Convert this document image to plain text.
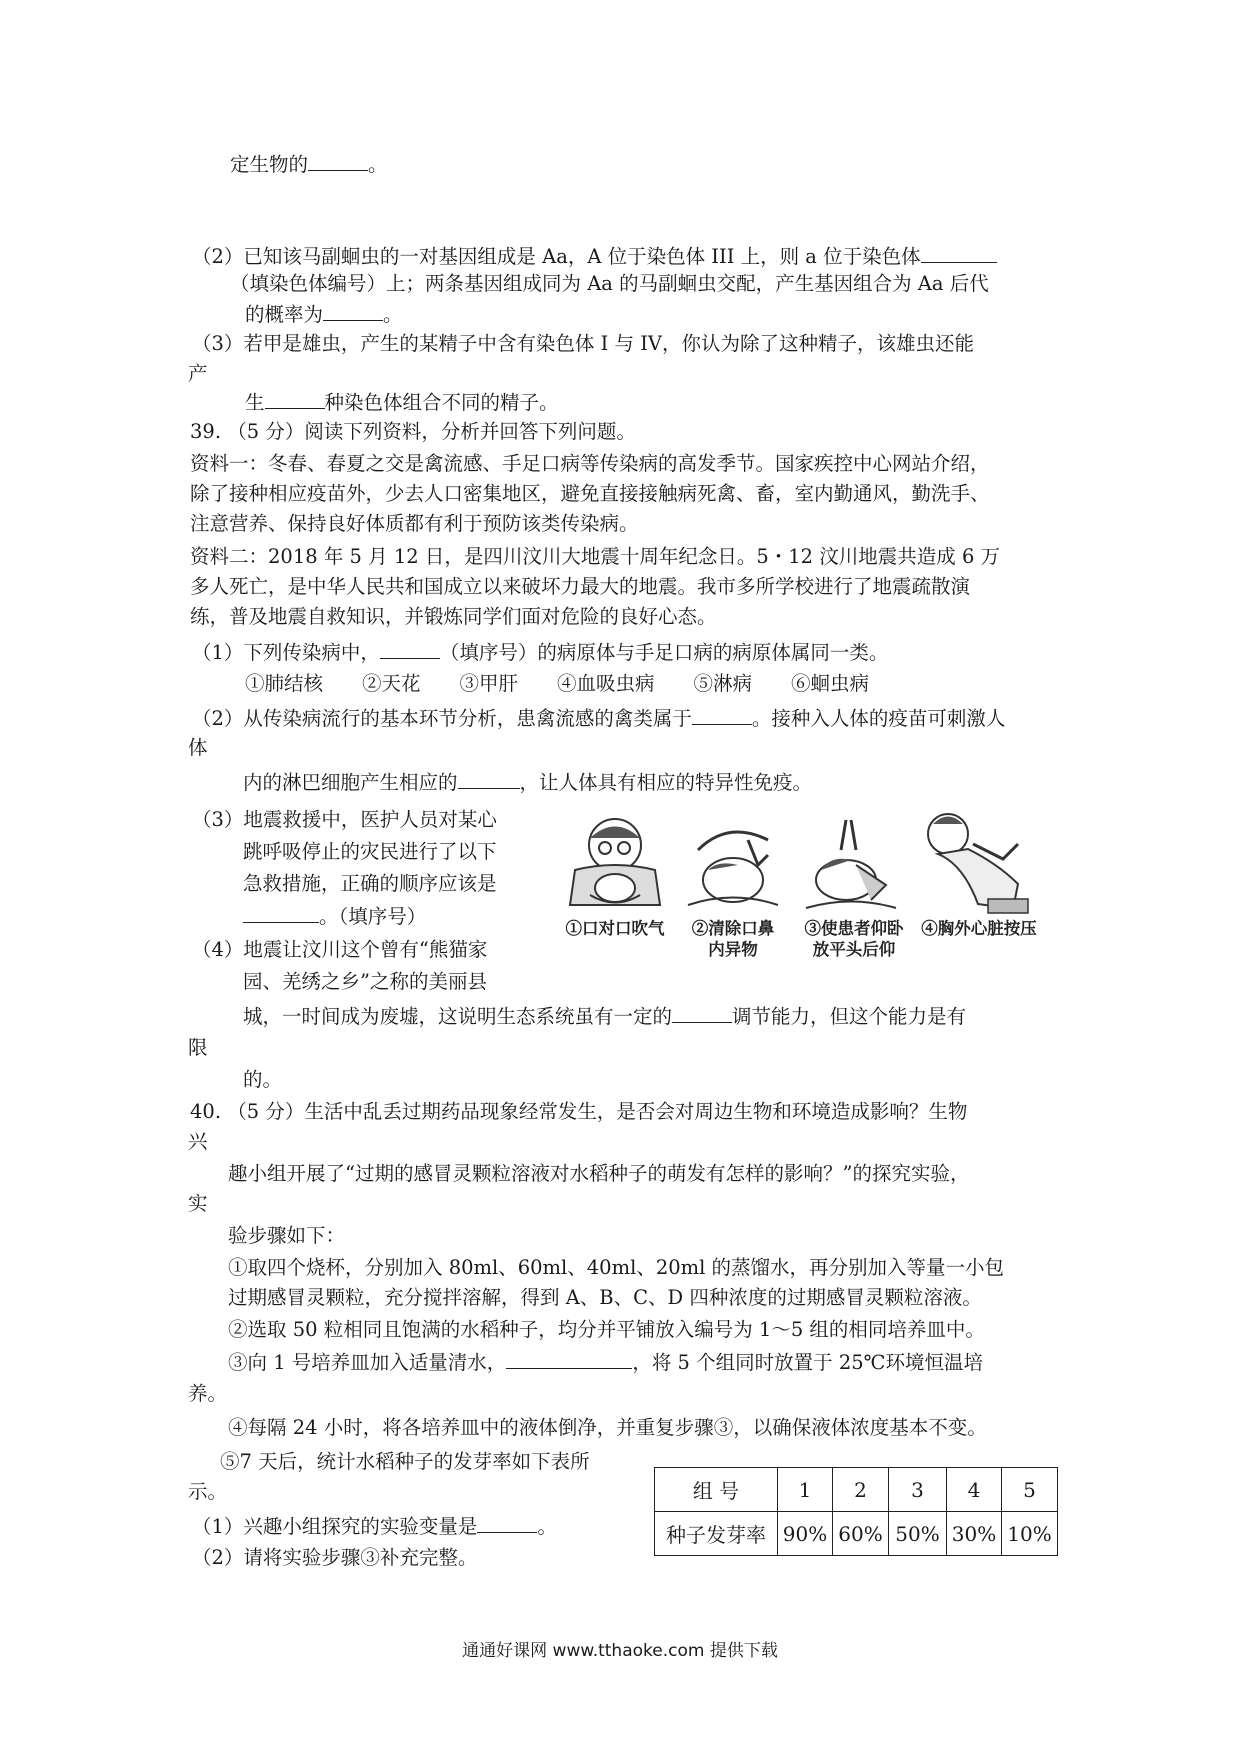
定生物的	。
（2）已知该马副蛔虫的一对基因组成是 Aa，A 位于染色体 III 上，则 a 位于染色体
（填染色体编号）上；两条基因组成同为 Aa 的马副蛔虫交配，产生基因组合为 Aa 后代
的概率为	。
（3）若甲是雄虫，产生的某精子中含有染色体 I 与 IV，你认为除了这种精子，该雄虫还能
产
生	种染色体组合不同的精子。
39. （5 分）阅读下列资料，分析并回答下列问题。
资料一：冬春、春夏之交是禽流感、手足口病等传染病的高发季节。国家疾控中心网站介绍，
除了接种相应疫苗外，少去人口密集地区，避免直接接触病死禽、畜，室内勤通风，勤洗手、
注意营养、保持良好体质都有利于预防该类传染病。
资料二：2018 年 5 月 12 日，是四川汶川大地震十周年纪念日。5・12 汶川地震共造成 6 万
多人死亡，是中华人民共和国成立以来破坏力最大的地震。我市多所学校进行了地震疏散演
练，普及地震自救知识，并锻炼同学们面对危险的良好心态。
（1）下列传染病中，	（填序号）的病原体与手足口病的病原体属同一类。
①肺结核　　②天花　　③甲肝　　④血吸虫病　　⑤淋病　　⑥蛔虫病
（2）从传染病流行的基本环节分析，患禽流感的禽类属于	。接种入人体的疫苗可刺激人
体
内的淋巴细胞产生相应的	，让人体具有相应的特异性免疫。
（3）地震救援中，医护人员对某心
跳呼吸停止的灾民进行了以下
急救措施，正确的顺序应该是
。（填序号）
（4）地震让汶川这个曾有“熊猫家
园、羌绣之乡”之称的美丽县
城，一时间成为废墟，这说明生态系统虽有一定的	调节能力，但这个能力是有
限
的。
40. （5 分）生活中乱丢过期药品现象经常发生，是否会对周边生物和环境造成影响？生物
兴
趣小组开展了“过期的感冒灵颗粒溶液对水稻种子的萌发有怎样的影响？”的探究实验，
实
验步骤如下：
①取四个烧杯，分别加入 80ml、60ml、40ml、20ml 的蒸馏水，再分别加入等量一小包
过期感冒灵颗粒，充分搅拌溶解，得到 A、B、C、D 四种浓度的过期感冒灵颗粒溶液。
②选取 50 粒相同且饱满的水稻种子，均分并平铺放入编号为 1～5 组的相同培养皿中。
③向 1 号培养皿加入适量清水，	，将 5 个组同时放置于 25℃环境恒温培
养。
④每隔 24 小时，将各培养皿中的液体倒净，并重复步骤③，以确保液体浓度基本不变。
⑤7 天后，统计水稻种子的发芽率如下表所
示。
（1）兴趣小组探究的实验变量是	。
（2）请将实验步骤③补充完整。
①口对口吹气	②清除口鼻
内异物
③使患者仰卧
放平头后仰
④胸外心脏按压
组 号	1	2	3	4	5
种子发芽率	90%	60%	50%	30%	10%
通通好课网 www.tthaoke.com 提供下载
